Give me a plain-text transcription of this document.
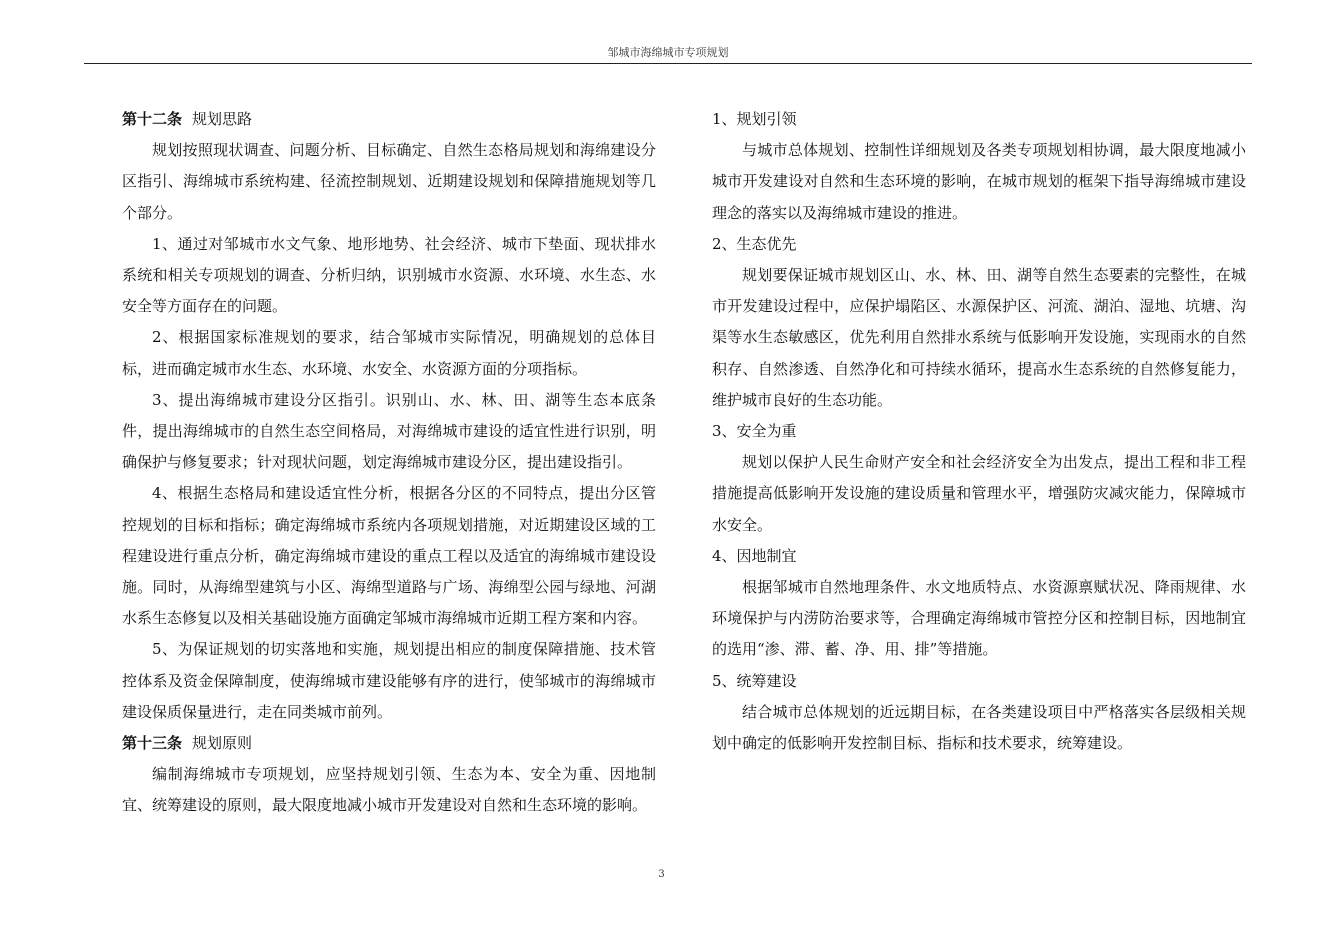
邹城市海绵城市专项规划

第十二条 规划思路

规划按照现状调查、问题分析、目标确定、自然生态格局规划和海绵建设分区指引、海绵城市系统构建、径流控制规划、近期建设规划和保障措施规划等几个部分。

1、通过对邹城市水文气象、地形地势、社会经济、城市下垫面、现状排水系统和相关专项规划的调查、分析归纳，识别城市水资源、水环境、水生态、水安全等方面存在的问题。

2、根据国家标准规划的要求，结合邹城市实际情况，明确规划的总体目标，进而确定城市水生态、水环境、水安全、水资源方面的分项指标。

3、提出海绵城市建设分区指引。识别山、水、林、田、湖等生态本底条件，提出海绵城市的自然生态空间格局，对海绵城市建设的适宜性进行识别，明确保护与修复要求；针对现状问题，划定海绵城市建设分区，提出建设指引。

4、根据生态格局和建设适宜性分析，根据各分区的不同特点，提出分区管控规划的目标和指标；确定海绵城市系统内各项规划措施，对近期建设区域的工程建设进行重点分析，确定海绵城市建设的重点工程以及适宜的海绵城市建设设施。同时，从海绵型建筑与小区、海绵型道路与广场、海绵型公园与绿地、河湖水系生态修复以及相关基础设施方面确定邹城市海绵城市近期工程方案和内容。

5、为保证规划的切实落地和实施，规划提出相应的制度保障措施、技术管控体系及资金保障制度，使海绵城市建设能够有序的进行，使邹城市的海绵城市建设保质保量进行，走在同类城市前列。

第十三条 规划原则

编制海绵城市专项规划，应坚持规划引领、生态为本、安全为重、因地制宜、统筹建设的原则，最大限度地减小城市开发建设对自然和生态环境的影响。

1、规划引领

与城市总体规划、控制性详细规划及各类专项规划相协调，最大限度地减小城市开发建设对自然和生态环境的影响，在城市规划的框架下指导海绵城市建设理念的落实以及海绵城市建设的推进。

2、生态优先

规划要保证城市规划区山、水、林、田、湖等自然生态要素的完整性，在城市开发建设过程中，应保护塌陷区、水源保护区、河流、湖泊、湿地、坑塘、沟渠等水生态敏感区，优先利用自然排水系统与低影响开发设施，实现雨水的自然积存、自然渗透、自然净化和可持续水循环，提高水生态系统的自然修复能力，维护城市良好的生态功能。

3、安全为重

规划以保护人民生命财产安全和社会经济安全为出发点，提出工程和非工程措施提高低影响开发设施的建设质量和管理水平，增强防灾减灾能力，保障城市水安全。

4、因地制宜

根据邹城市自然地理条件、水文地质特点、水资源禀赋状况、降雨规律、水环境保护与内涝防治要求等，合理确定海绵城市管控分区和控制目标，因地制宜的选用“渗、滞、蓄、净、用、排”等措施。

5、统筹建设

结合城市总体规划的近远期目标，在各类建设项目中严格落实各层级相关规划中确定的低影响开发控制目标、指标和技术要求，统筹建设。

3
